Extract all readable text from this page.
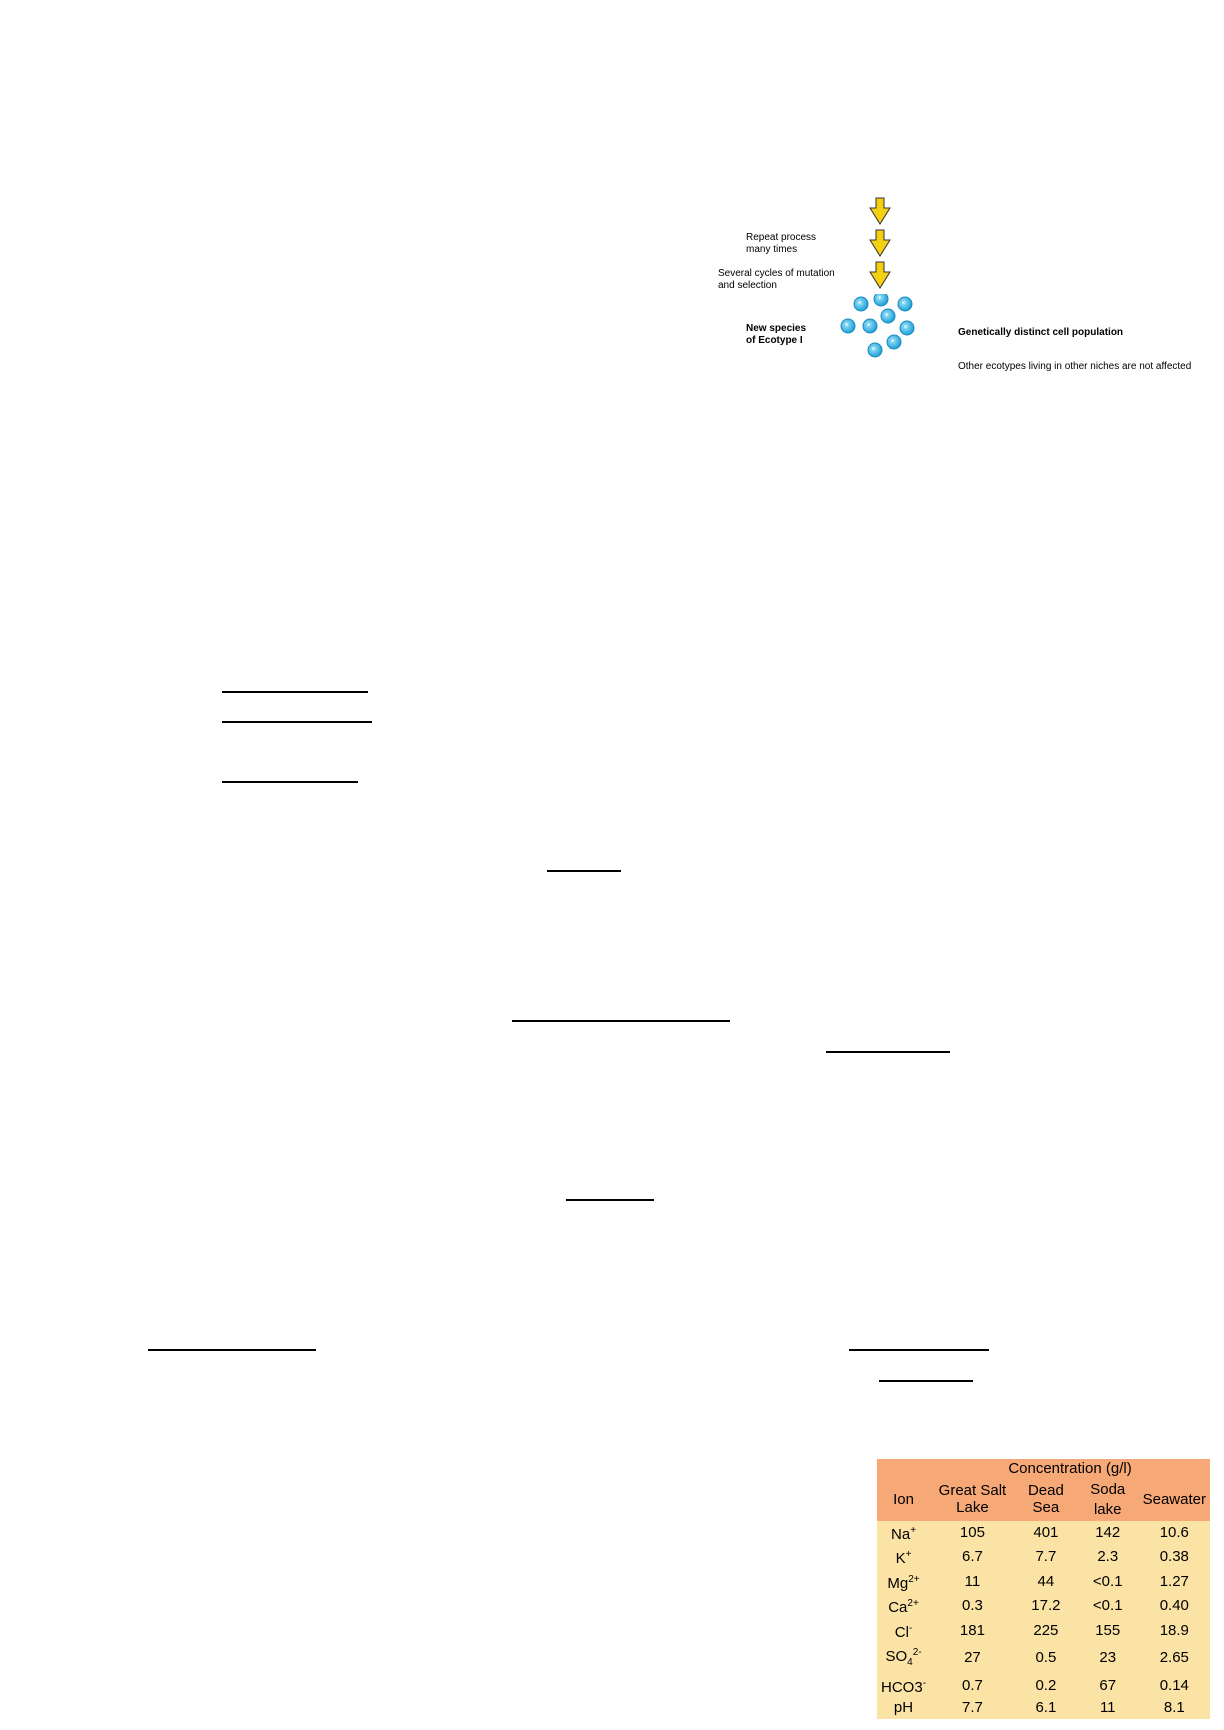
Repeat process
many times
Several cycles of mutation
and selection
New species
of Ecotype I
Genetically distinct cell population
Other ecotypes living in other niches are not affected
	Concentration (g/l)			
Ion	Great Salt Lake	Dead Sea	Soda lake	Seawater
Na+	105	401	142	10.6
K+	6.7	7.7	2.3	0.38
$Mg^{2+}$	11	44	<0.1	1.27
$Ca^{2+}$	0.3	17.2	<0.1	0.40
Cl-	181	225	155	18.9
$SO_4^{2-}$	27	0.5	23	2.65
HCO3-	0.7	0.2	67	0.14
pH	7.7	6.1	11	8.1
